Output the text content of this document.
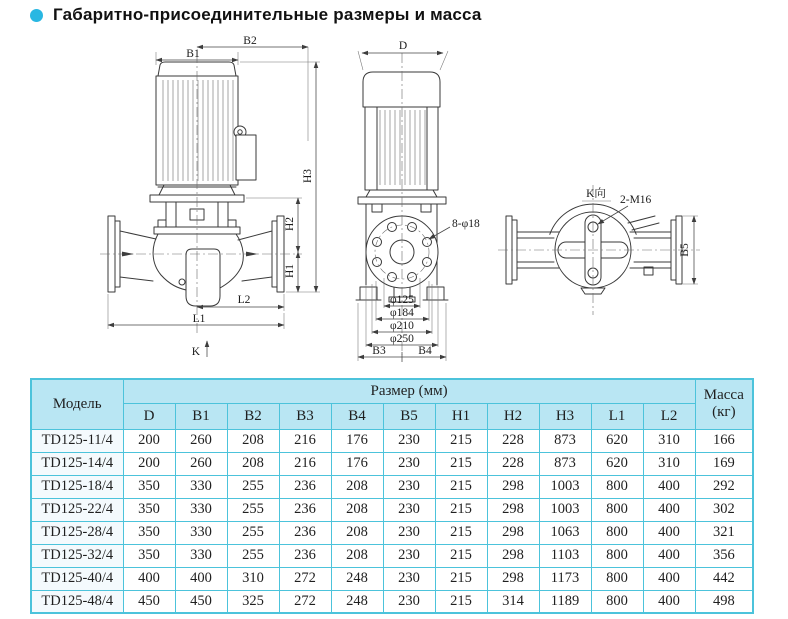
Габаритно-присоединительные размеры и масса
B2
B1
H3
H2
H1
L2
L1
K
D
8-φ18
φ125
φ184
φ210
φ250
B3	B4
K向 2-M16
B5
Модель	Размер (мм)											Масса (кг)
	D	B1	B2	B3	B4	B5	H1	H2	H3	L1	L2	
TD125-11/4	200	260	208	216	176	230	215	228	873	620	310	166
TD125-14/4	200	260	208	216	176	230	215	228	873	620	310	169
TD125-18/4	350	330	255	236	208	230	215	298	1003	800	400	292
TD125-22/4	350	330	255	236	208	230	215	298	1003	800	400	302
TD125-28/4	350	330	255	236	208	230	215	298	1063	800	400	321
TD125-32/4	350	330	255	236	208	230	215	298	1103	800	400	356
TD125-40/4	400	400	310	272	248	230	215	298	1173	800	400	442
TD125-48/4	450	450	325	272	248	230	215	314	1189	800	400	498
